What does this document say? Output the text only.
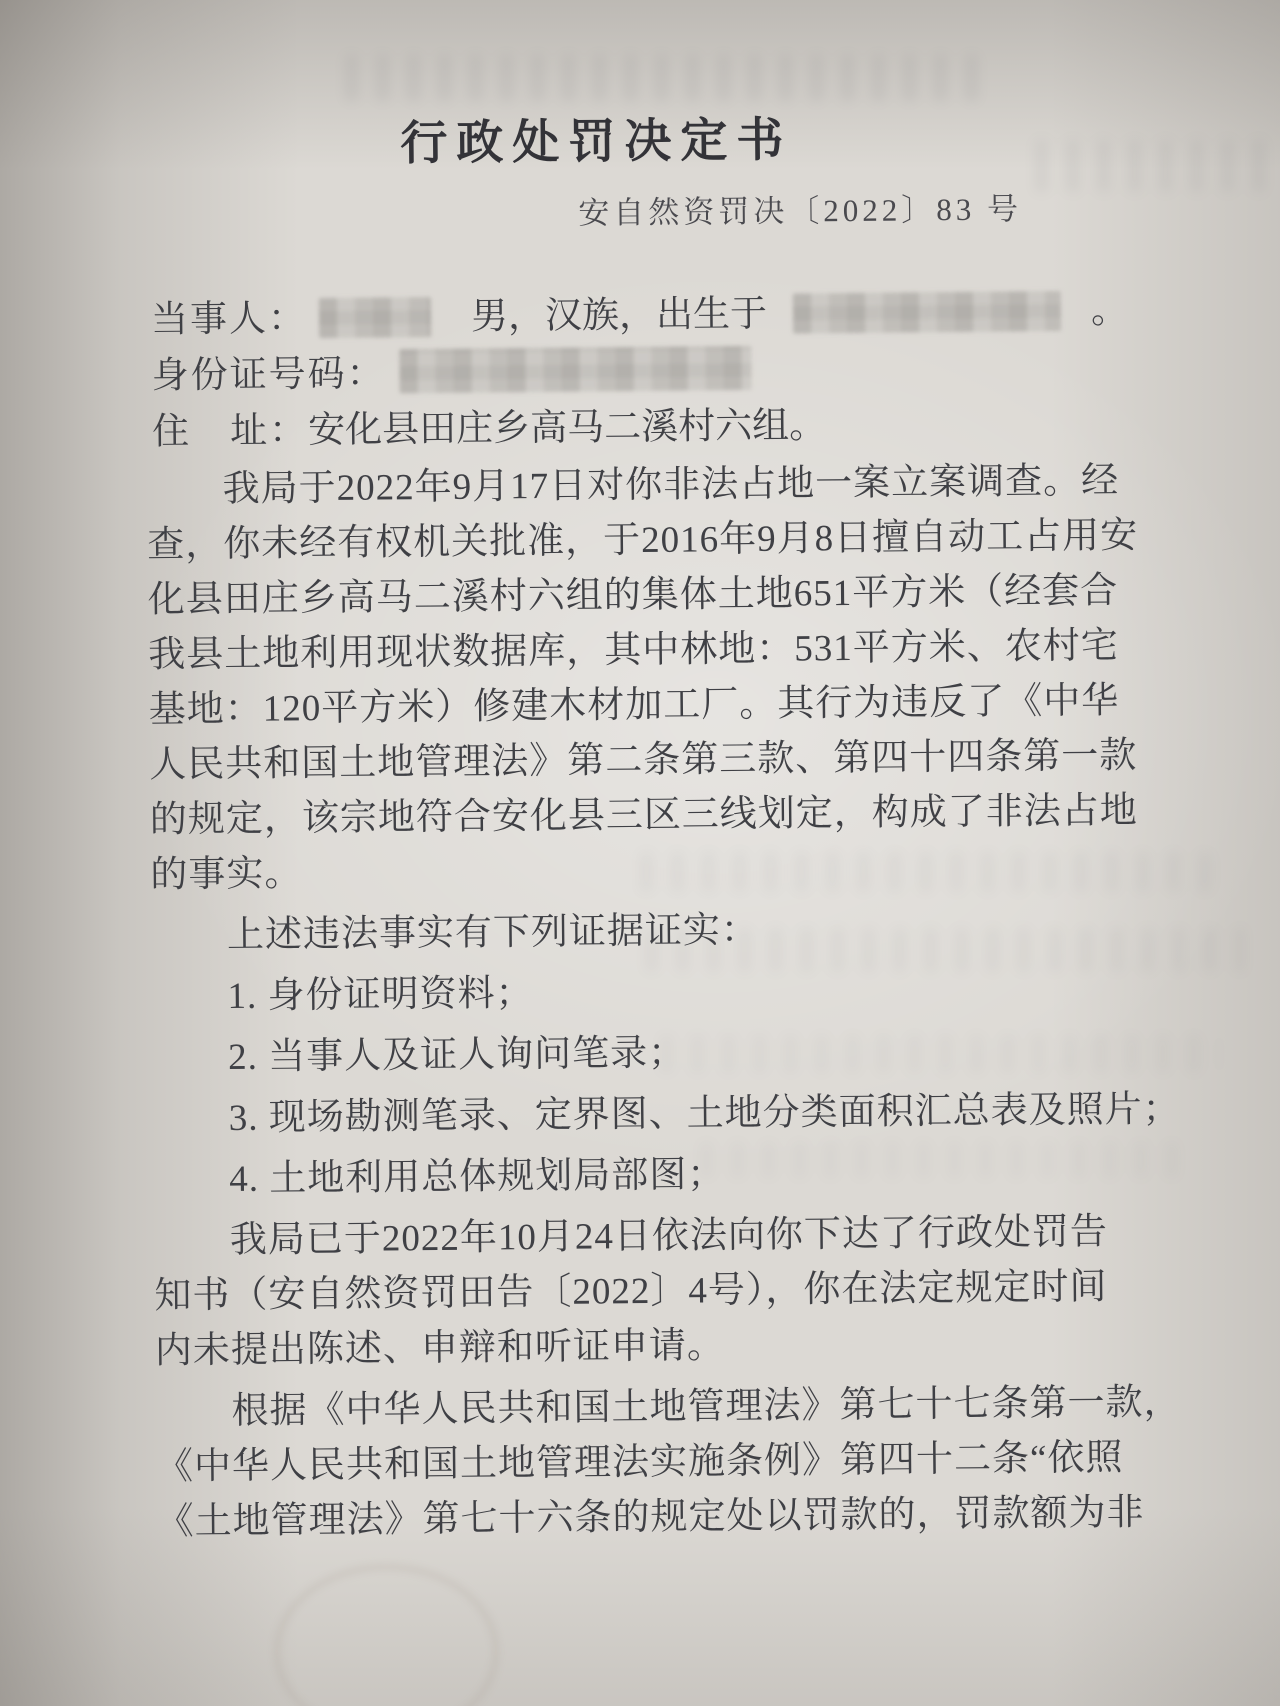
行政处罚决定书
安自然资罚决〔2022〕83 号
当事人：	男，汉族，出生于	。
身份证号码：
住　址：安化县田庄乡高马二溪村六组。
我局于2022年9月17日对你非法占地一案立案调查。经
查，你未经有权机关批准，于2016年9月8日擅自动工占用安
化县田庄乡高马二溪村六组的集体土地651平方米（经套合
我县土地利用现状数据库，其中林地：531平方米、农村宅
基地：120平方米）修建木材加工厂。其行为违反了《中华
人民共和国土地管理法》第二条第三款、第四十四条第一款
的规定，该宗地符合安化县三区三线划定，构成了非法占地
的事实。
上述违法事实有下列证据证实：
1. 身份证明资料；
2. 当事人及证人询问笔录；
3. 现场勘测笔录、定界图、土地分类面积汇总表及照片；
4. 土地利用总体规划局部图；
我局已于2022年10月24日依法向你下达了行政处罚告
知书（安自然资罚田告〔2022〕4号），你在法定规定时间
内未提出陈述、申辩和听证申请。
根据《中华人民共和国土地管理法》第七十七条第一款，
《中华人民共和国土地管理法实施条例》第四十二条“依照
《土地管理法》第七十六条的规定处以罚款的，罚款额为非
